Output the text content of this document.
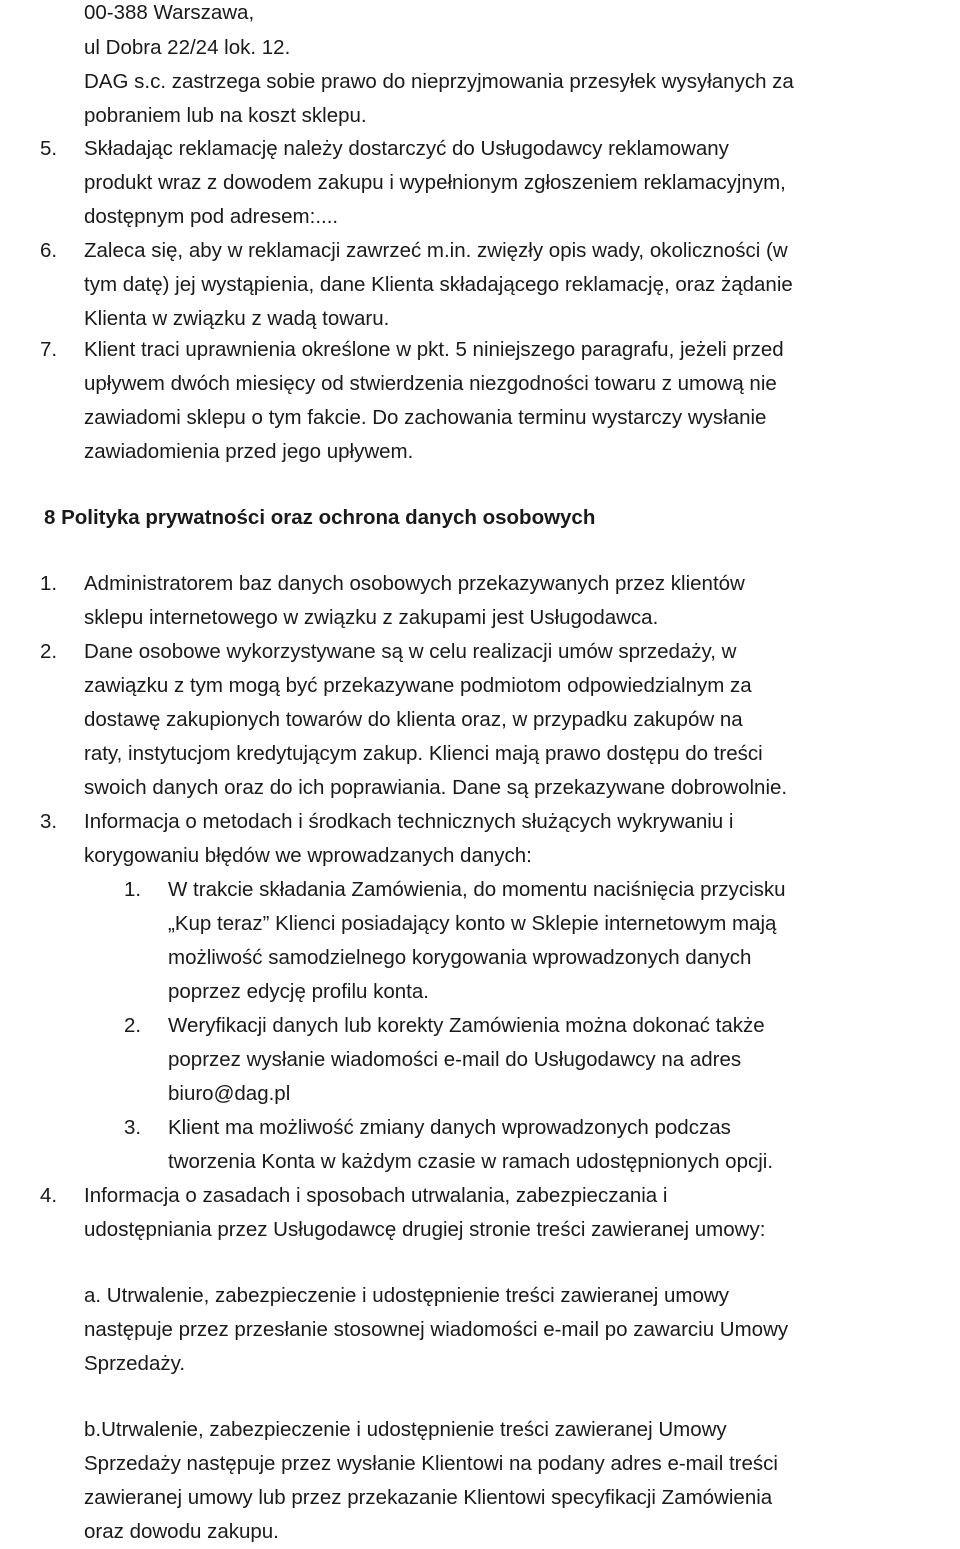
00-388 Warszawa,

ul Dobra 22/24 lok. 12.

DAG s.c. zastrzega sobie prawo do nieprzyjmowania przesyłek wysyłanych za

pobraniem lub na koszt sklepu.

5. Składając reklamację należy dostarczyć do Usługodawcy reklamowany

produkt wraz z dowodem zakupu i wypełnionym zgłoszeniem reklamacyjnym,

dostępnym pod adresem:....

6. Zaleca się, aby w reklamacji zawrzeć m.in. zwięzły opis wady, okoliczności (w

tym datę) jej wystąpienia, dane Klienta składającego reklamację, oraz żądanie

Klienta w związku z wadą towaru.

7. Klient traci uprawnienia określone w pkt. 5 niniejszego paragrafu, jeżeli przed

upływem dwóch miesięcy od stwierdzenia niezgodności towaru z umową nie

zawiadomi sklepu o tym fakcie. Do zachowania terminu wystarczy wysłanie

zawiadomienia przed jego upływem.

8 Polityka prywatności oraz ochrona danych osobowych

1. Administratorem baz danych osobowych przekazywanych przez klientów

sklepu internetowego w związku z zakupami jest Usługodawca.

2. Dane osobowe wykorzystywane są w celu realizacji umów sprzedaży, w

zawiązku z tym mogą być przekazywane podmiotom odpowiedzialnym za

dostawę zakupionych towarów do klienta oraz, w przypadku zakupów na

raty, instytucjom kredytującym zakup. Klienci mają prawo dostępu do treści

swoich danych oraz do ich poprawiania. Dane są przekazywane dobrowolnie.

3. Informacja o metodach i środkach technicznych służących wykrywaniu i

korygowaniu błędów we wprowadzanych danych:

1. W trakcie składania Zamówienia, do momentu naciśnięcia przycisku

„Kup teraz” Klienci posiadający konto w Sklepie internetowym mają

możliwość samodzielnego korygowania wprowadzonych danych

poprzez edycję profilu konta.

2. Weryfikacji danych lub korekty Zamówienia można dokonać także

poprzez wysłanie wiadomości e-mail do Usługodawcy na adres

biuro@dag.pl

3. Klient ma możliwość zmiany danych wprowadzonych podczas

tworzenia Konta w każdym czasie w ramach udostępnionych opcji.

4. Informacja o zasadach i sposobach utrwalania, zabezpieczania i

udostępniania przez Usługodawcę drugiej stronie treści zawieranej umowy:

a. Utrwalenie, zabezpieczenie i udostępnienie treści zawieranej umowy

następuje przez przesłanie stosownej wiadomości e-mail po zawarciu Umowy

Sprzedaży.

b.Utrwalenie, zabezpieczenie i udostępnienie treści zawieranej Umowy

Sprzedaży następuje przez wysłanie Klientowi na podany adres e-mail treści

zawieranej umowy lub przez przekazanie Klientowi specyfikacji Zamówienia

oraz dowodu zakupu.
